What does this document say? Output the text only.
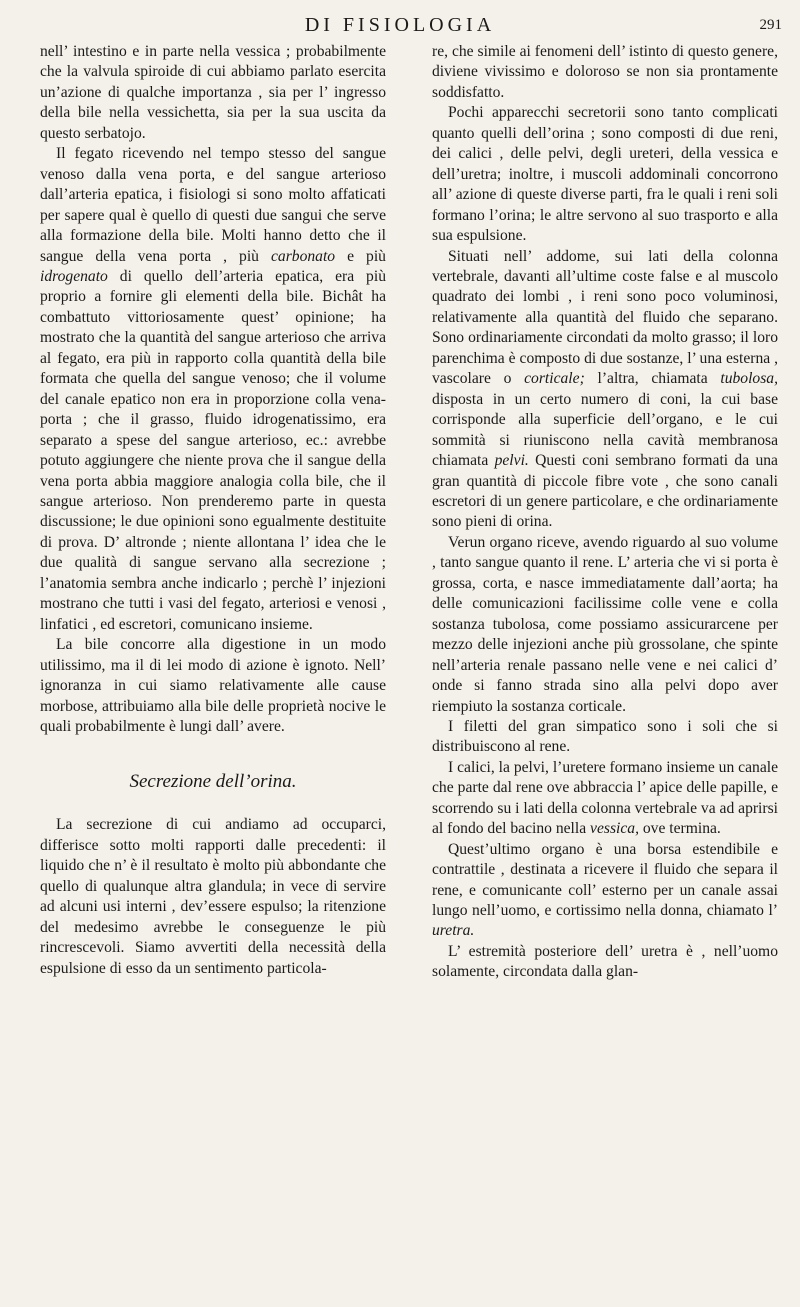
DI FISIOLOGIA	291

nell’ intestino e in parte nella vessica ; probabilmente che la valvula spiroide di cui abbiamo parlato esercita un’azione di qualche importanza , sia per l’ ingresso della bile nella vessichetta, sia per la sua uscita da questo serbatojo.

Il fegato ricevendo nel tempo stesso del sangue venoso dalla vena porta, e del sangue arterioso dall’arteria epatica, i fisiologi si sono molto affaticati per sapere qual è quello di questi due sangui che serve alla formazione della bile. Molti hanno detto che il sangue della vena porta , più carbonato e più idrogenato di quello dell’arteria epatica, era più proprio a fornire gli elementi della bile. Bichât ha combattuto vittoriosamente quest’ opinione; ha mostrato che la quantità del sangue arterioso che arriva al fegato, era più in rapporto colla quantità della bile formata che quella del sangue venoso; che il volume del canale epatico non era in proporzione colla vena-porta ; che il grasso, fluido idrogenatissimo, era separato a spese del sangue arterioso, ec.: avrebbe potuto aggiungere che niente prova che il sangue della vena porta abbia maggiore analogia colla bile, che il sangue arterioso. Non prenderemo parte in questa discussione; le due opinioni sono egualmente destituite di prova. D’ altronde ; niente allontana l’ idea che le due qualità di sangue servano alla secrezione ; l’anatomia sembra anche indicarlo ; perchè l’ injezioni mostrano che tutti i vasi del fegato, arteriosi e venosi , linfatici , ed escretori, comunicano insieme.

La bile concorre alla digestione in un modo utilissimo, ma il di lei modo di azione è ignoto. Nell’ ignoranza in cui siamo relativamente alle cause morbose, attribuiamo alla bile delle proprietà nocive le quali probabilmente è lungi dall’ avere.

Secrezione dell’orina.

La secrezione di cui andiamo ad occuparci, differisce sotto molti rapporti dalle precedenti: il liquido che n’ è il resultato è molto più abbondante che quello di qualunque altra glandula; in vece di servire ad alcuni usi interni , dev’essere espulso; la ritenzione del medesimo avrebbe le conseguenze le più rincrescevoli. Siamo avvertiti della necessità della espulsione di esso da un sentimento particola-

re, che simile ai fenomeni dell’ istinto di questo genere, diviene vivissimo e doloroso se non sia prontamente soddisfatto.

Pochi apparecchi secretorii sono tanto complicati quanto quelli dell’orina ; sono composti di due reni, dei calici , delle pelvi, degli ureteri, della vessica e dell’uretra; inoltre, i muscoli addominali concorrono all’ azione di queste diverse parti, fra le quali i reni soli formano l’orina; le altre servono al suo trasporto e alla sua espulsione.

Situati nell’ addome, sui lati della colonna vertebrale, davanti all’ultime coste false e al muscolo quadrato dei lombi , i reni sono poco voluminosi, relativamente alla quantità del fluido che separano. Sono ordinariamente circondati da molto grasso; il loro parenchima è composto di due sostanze, l’ una esterna , vascolare o corticale; l’altra, chiamata tubolosa, disposta in un certo numero di coni, la cui base corrisponde alla superficie dell’organo, e le cui sommità si riuniscono nella cavità membranosa chiamata pelvi. Questi coni sembrano formati da una gran quantità di piccole fibre vote , che sono canali escretori di un genere particolare, e che ordinariamente sono pieni di orina.

Verun organo riceve, avendo riguardo al suo volume , tanto sangue quanto il rene. L’ arteria che vi si porta è grossa, corta, e nasce immediatamente dall’aorta; ha delle comunicazioni facilissime colle vene e colla sostanza tubolosa, come possiamo assicurarcene per mezzo delle injezioni anche più grossolane, che spinte nell’arteria renale passano nelle vene e nei calici d’ onde si fanno strada sino alla pelvi dopo aver riempiuto la sostanza corticale.

I filetti del gran simpatico sono i soli che si distribuiscono al rene.

I calici, la pelvi, l’uretere formano insieme un canale che parte dal rene ove abbraccia l’ apice delle papille, e scorrendo su i lati della colonna vertebrale va ad aprirsi al fondo del bacino nella vessica, ove termina.

Quest’ultimo organo è una borsa estendibile e contrattile , destinata a ricevere il fluido che separa il rene, e comunicante coll’ esterno per un canale assai lungo nell’uomo, e cortissimo nella donna, chiamato l’ uretra.

L’ estremità posteriore dell’ uretra è , nell’uomo solamente, circondata dalla glan-
